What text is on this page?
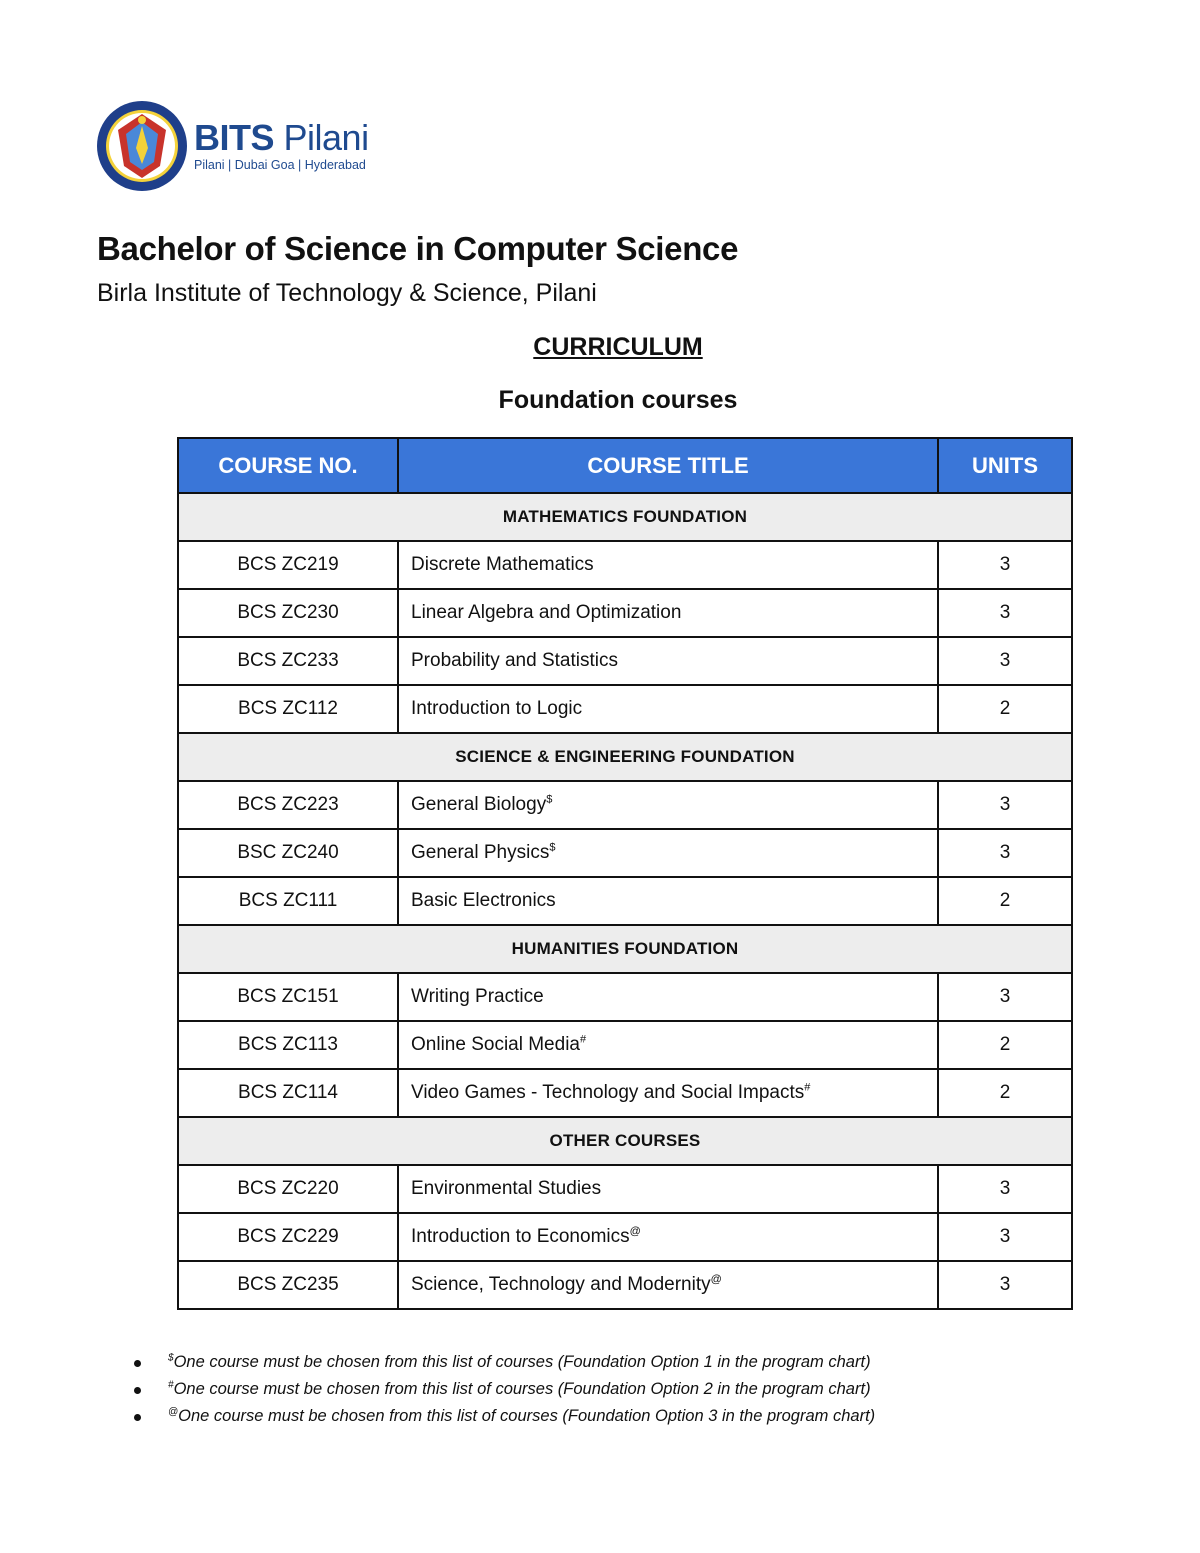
BITS Pilani
Pilani | Dubai Goa | Hyderabad
Bachelor of Science in Computer Science
Birla Institute of Technology & Science, Pilani
CURRICULUM
Foundation courses
COURSE NO.	COURSE TITLE	UNITS
MATHEMATICS FOUNDATION		
BCS ZC219	Discrete Mathematics	3
BCS ZC230	Linear Algebra and Optimization	3
BCS ZC233	Probability and Statistics	3
BCS ZC112	Introduction to Logic	2
SCIENCE & ENGINEERING FOUNDATION		
BCS ZC223	General Biology$	3
BSC ZC240	General Physics$	3
BCS ZC111	Basic Electronics	2
HUMANITIES FOUNDATION		
BCS ZC151	Writing Practice	3
BCS ZC113	Online Social Media#	2
BCS ZC114	Video Games - Technology and Social Impacts#	2
OTHER COURSES		
BCS ZC220	Environmental Studies	3
BCS ZC229	Introduction to Economics@	3
BCS ZC235	Science, Technology and Modernity@	3
$One course must be chosen from this list of courses (Foundation Option 1 in the program chart)
#One course must be chosen from this list of courses (Foundation Option 2 in the program chart)
@One course must be chosen from this list of courses (Foundation Option 3 in the program chart)
